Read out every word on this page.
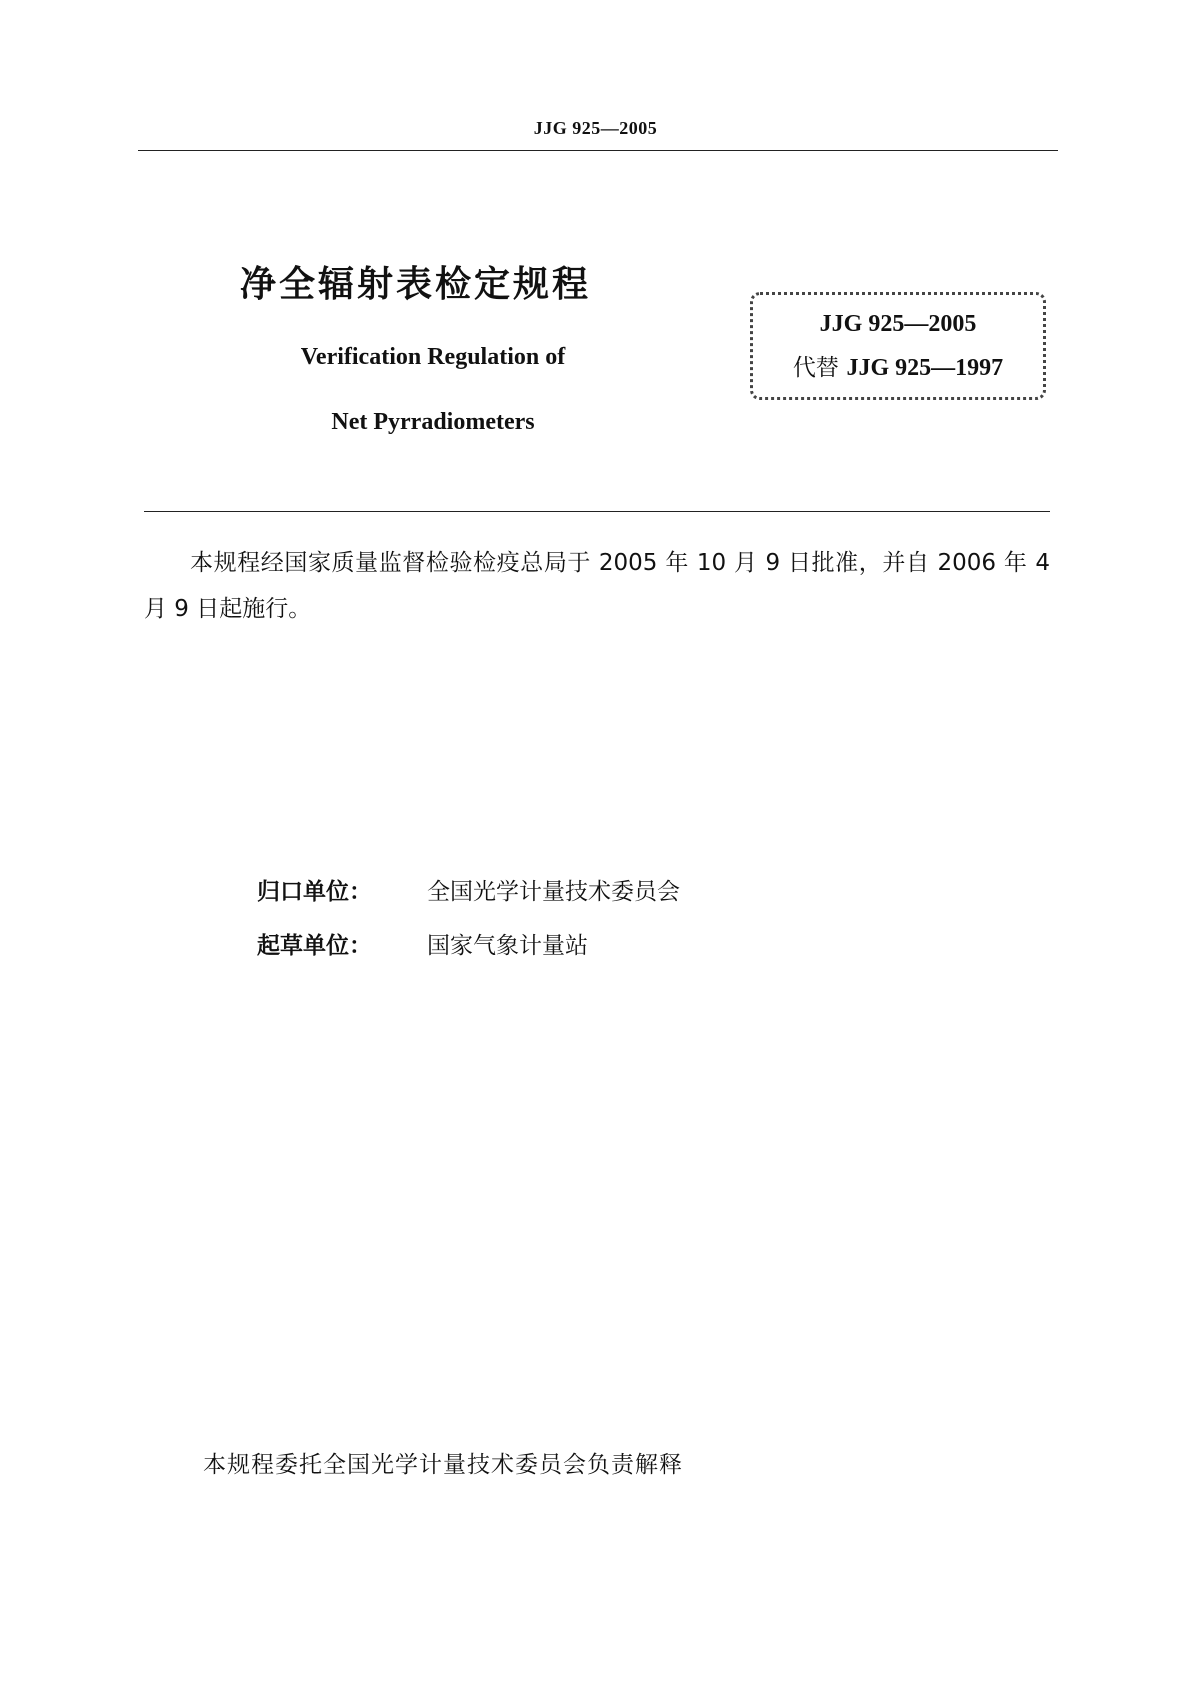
JJG 925—2005
净全辐射表检定规程
Verification Regulation of
Net Pyrradiometers
JJG 925—2005
代替 JJG 925—1997
本规程经国家质量监督检验检疫总局于 2005 年 10 月 9 日批准，并自 2006 年 4 月 9 日起施行。
归口单位： 全国光学计量技术委员会
起草单位： 国家气象计量站
本规程委托全国光学计量技术委员会负责解释
